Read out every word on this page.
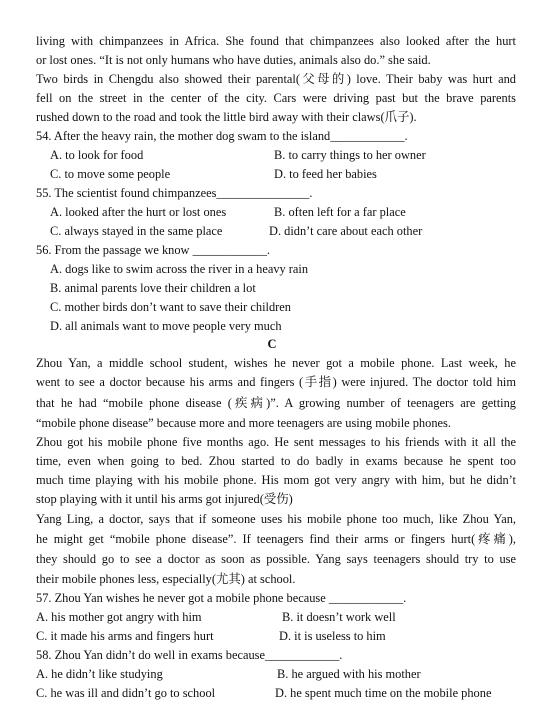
living with chimpanzees in Africa. She found that chimpanzees also looked after the hurt
or lost ones. “It is not only humans who have duties, animals also do.” she said.
Two birds in Chengdu also showed their parental(父母的) love. Their baby was hurt and
fell on the street in the center of the city. Cars were driving past but the brave parents
rushed down to the road and took the little bird away with their claws(爪子).
54. After the heavy rain, the mother dog swam to the island____________.
A. to look for food	B. to carry things to her owner
C. to move some people	D. to feed her babies
55. The scientist found chimpanzees_______________.
A. looked after the hurt or lost ones	B. often left for a far place
C. always stayed in the same place	D. didn’t care about each other
56. From the passage we know ____________.
A. dogs like to swim across the river in a heavy rain
B. animal parents love their children a lot
C. mother birds don’t want to save their children
D. all animals want to move people very much
C
Zhou Yan, a middle school student, wishes he never got a mobile phone. Last week, he
went to see a doctor because his arms and fingers (手指) were injured. The doctor told him
that he had “mobile phone disease (疾病)”. A growing number of teenagers are getting
“mobile phone disease” because more and more teenagers are using mobile phones.
Zhou got his mobile phone five months ago. He sent messages to his friends with it all the
time, even when going to bed. Zhou started to do badly in exams because he spent too
much time playing with his mobile phone. His mom got very angry with him, but he didn’t
stop playing with it until his arms got injured(受伤)
Yang Ling, a doctor, says that if someone uses his mobile phone too much, like Zhou Yan,
he might get “mobile phone disease”. If teenagers find their arms or fingers hurt(疼痛),
they should go to see a doctor as soon as possible. Yang says teenagers should try to use
their mobile phones less, especially(尤其) at school.
57. Zhou Yan wishes he never got a mobile phone because ____________.
A. his mother got angry with him	B. it doesn’t work well
C. it made his arms and fingers hurt	D. it is useless to him
58. Zhou Yan didn’t do well in exams because____________.
A. he didn’t like studying	B. he argued with his mother
C. he was ill and didn’t go to school	D. he spent much time on the mobile phone
